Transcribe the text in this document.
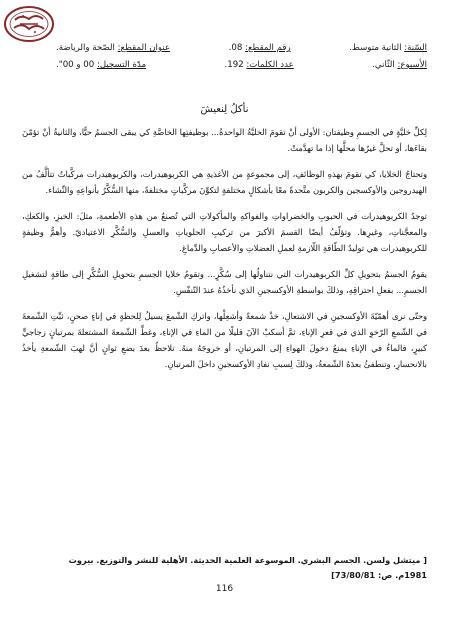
السّنة: الثانية متوسط.
رقم المقطع: 08.
عنوان المقطع: الصّحة والرياضة.
الأسبوع: الثّاني.
عدد الكلمات: 192.
مدّة التسجيل: 00 و 00".
نأكلُ لِنعيشَ

لِكلِّ خليَّةٍ في الجسمِ وظيفتان: الأولى أنْ تقومَ الخليَّةُ الواحدةُ... بوظيفتِها الخاصَّةِ كي يبقى الجسمُ حيًّا، والثانيةُ أنْ تؤمّنَ بقاءَها، أو تحلَّ غيرُها محلَّها إذا ما تهدَّمتْ.

وتحتاجُ الخلايا، كي تقومَ بهذهِ الوظائفِ، إلى مجموعةٍ من الأغذيةِ هي الكربوهيدرات، والكربوهيدرات مركَّباتٌ تتألَّفُ من الهيدروجين والأوكسجين والكربون متَّحدةً معًا بأشكالٍ مختلفةٍ لتكوِّنَ مركَّباتٍ مختلفةً، منها السُّكَّرُ بأنواعِهِ والنِّشاء.

توجدُ الكربوهيدرات في الحبوبِ والخضراواتِ والفواكهِ والمأكولاتِ التي تُصنعُ من هذهِ الأطعمةِ، مثلَ: الخبزِ، والكعكِ، والمعجَّناتِ، وغيرِها. وتؤلّفُ أيضًا القسمَ الأكبرَ من تركيبِ الحلوياتِ والعسلِ والسُّكَّرِ الاعتياديّ. وأهمُّ وظيفةٍ للكربوهيدرات هي توليدُ الطّاقةِ اللّازمةِ لعملِ العضلاتِ والأعصابِ والدِّماغِ.

يقومُ الجسمُ بتحويلِ كلِّ الكربوهيدرات التي نتناولُها إلى سُكَّرٍ... وتقومُ خلايا الجسمِ بتحويلِ السُّكَّرِ إلى طاقةٍ لتشغيلِ الجسمِ... بفعلِ احتراقِهِ، وذلكَ بواسطةِ الأوكسجينِ الذي نأخذُهُ عندَ التّنفّسِ.

وحتّى نرى أهمّيّةَ الأوكسجينِ في الاشتعالِ، خذْ شمعةً وأشعِلْها، واتركِ الشّمعَ يسيلُ لِلحظةٍ في إناءٍ صحنٍ، ثبِّتِ الشّمعةَ في الشّمعِ الرّخوِ الذي في قعرِ الإناءِ، ثمَّ أسكبْ الآنَ قليلًا من الماءِ في الإناءِ، وغطِّ الشّمعةَ المشتعلةَ بمرتبانٍ زجاجيٍّ كبيرٍ، فالماءُ في الإناءِ يمنعُ دخولَ الهواءِ إلى المرتبانِ، أو خروجَهُ منهُ. تلاحظُ بعدَ بضعِ ثوانٍ أنَّ لهبَ الشّمعةِ يأخذُ بالانحسارِ، وتنطفئُ بعدَهُ الشّمعةُ، وذلكَ لِسببِ نفادِ الأوكسجينِ داخلَ المرتبانِ.

[ ميتشل ولسن. الجسم البشري. الموسوعة العلمية الحديثة. الأهلية للنشر والتوزيع. بيروت
1981م. ص: 73/80/81]
116
